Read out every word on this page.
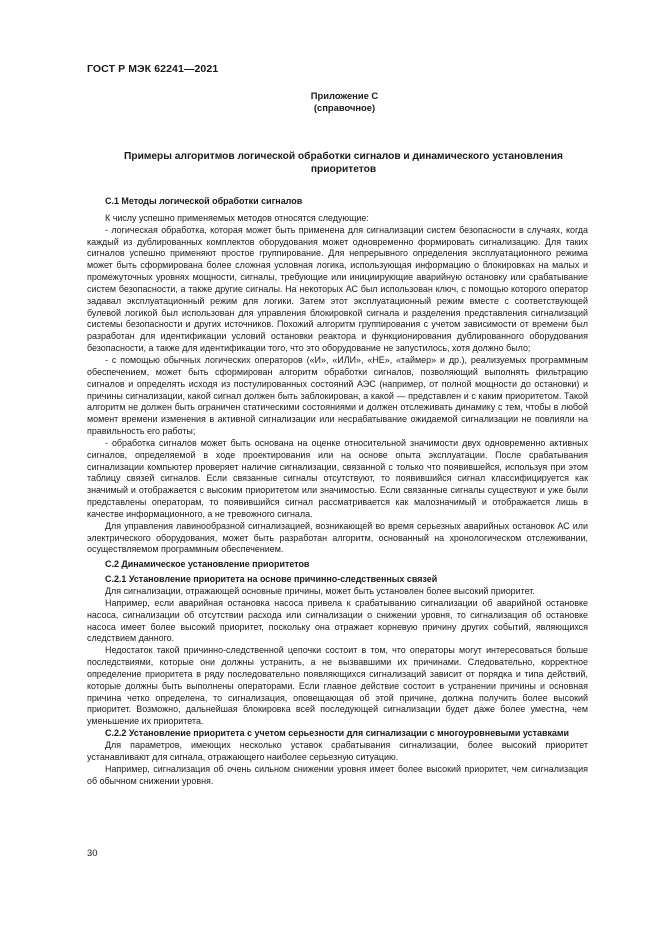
ГОСТ Р МЭК 62241—2021
Приложение С
(справочное)
Примеры алгоритмов логической обработки сигналов и динамического установления приоритетов

С.1 Методы логической обработки сигналов

К числу успешно применяемых методов относятся следующие:

- логическая обработка, которая может быть применена для сигнализации систем безопасности в случаях, когда каждый из дублированных комплектов оборудования может одновременно формировать сигнализацию. Для таких сигналов успешно применяют простое группирование. Для непрерывного определения эксплуатационного режима может быть сформирована более сложная условная логика, использующая информацию о блокировках на малых и промежуточных уровнях мощности, сигналы, требующие или инициирующие аварийную остановку или срабатывание систем безопасности, а также другие сигналы. На некоторых АС был использован ключ, с помощью которого оператор задавал эксплуатационный режим для логики. Затем этот эксплуатационный режим вместе с соответствующей булевой логикой был использован для управления блокировкой сигнала и разделения представления сигнализаций системы безопасности и других источников. Похожий алгоритм группирования с учетом зависимости от времени был разработан для идентификации условий остановки реактора и функционирования дублированного оборудования безопасности, а также для идентификации того, что это оборудование не запустилось, хотя должно было;

- с помощью обычных логических операторов («И», «ИЛИ», «НЕ», «таймер» и др.), реализуемых программным обеспечением, может быть сформирован алгоритм обработки сигналов, позволяющий выполнять фильтрацию сигналов и определять исходя из постулированных состояний АЭС (например, от полной мощности до остановки) и причины сигнализации, какой сигнал должен быть заблокирован, а какой — представлен и с каким приоритетом. Такой алгоритм не должен быть ограничен статическими состояниями и должен отслеживать динамику с тем, чтобы в любой момент времени изменения в активной сигнализации или несрабатывание ожидаемой сигнализации не повлияли на правильность его работы;

- обработка сигналов может быть основана на оценке относительной значимости двух одновременно активных сигналов, определяемой в ходе проектирования или на основе опыта эксплуатации. После срабатывания сигнализации компьютер проверяет наличие сигнализации, связанной с только что появившейся, используя при этом таблицу связей сигналов. Если связанные сигналы отсутствуют, то появившийся сигнал классифицируется как значимый и отображается с высоким приоритетом или значимостью. Если связанные сигналы существуют и уже были представлены операторам, то появившийся сигнал рассматривается как малозначимый и отображается лишь в качестве информационного, а не тревожного сигнала.

Для управления лавинообразной сигнализацией, возникающей во время серьезных аварийных остановок АС или электрического оборудования, может быть разработан алгоритм, основанный на хронологическом отслеживании, осуществляемом программным обеспечением.

С.2 Динамическое установление приоритетов

С.2.1 Установление приоритета на основе причинно-следственных связей

Для сигнализации, отражающей основные причины, может быть установлен более высокий приоритет.

Например, если аварийная остановка насоса привела к срабатыванию сигнализации об аварийной остановке насоса, сигнализации об отсутствии расхода или сигнализации о снижении уровня, то сигнализация об остановке насоса имеет более высокий приоритет, поскольку она отражает корневую причину других событий, являющихся следствием данного.

Недостаток такой причинно-следственной цепочки состоит в том, что операторы могут интересоваться больше последствиями, которые они должны устранить, а не вызвавшими их причинами. Следовательно, корректное определение приоритета в ряду последовательно появляющихся сигнализаций зависит от порядка и типа действий, которые должны быть выполнены операторами. Если главное действие состоит в устранении причины и основная причина четко определена, то сигнализация, оповещающая об этой причине, должна получить более высокий приоритет. Возможно, дальнейшая блокировка всей последующей сигнализации будет даже более уместна, чем уменьшение их приоритета.

С.2.2 Установление приоритета с учетом серьезности для сигнализации с многоуровневыми уставками

Для параметров, имеющих несколько уставок срабатывания сигнализации, более высокий приоритет устанавливают для сигнала, отражающего наиболее серьезную ситуацию.

Например, сигнализация об очень сильном снижении уровня имеет более высокий приоритет, чем сигнализация об обычном снижении уровня.

30
